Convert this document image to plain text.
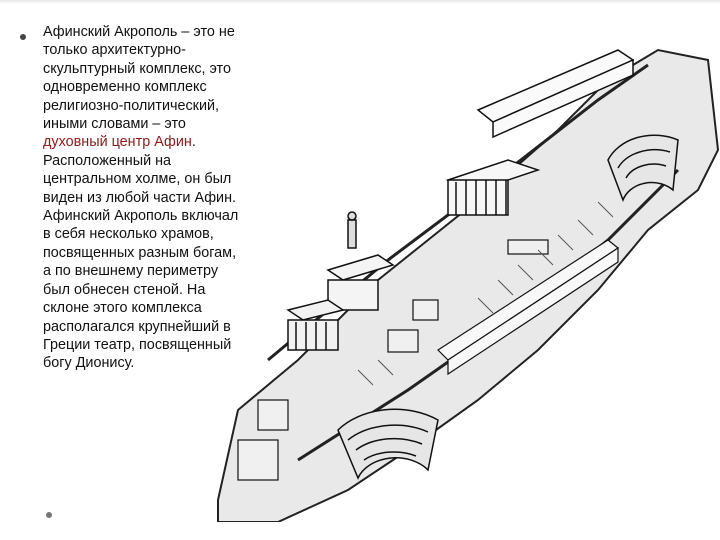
Афинский Акрополь – это не только архитектурно-скульптурный комплекс, это одновременно комплекс религиозно-политический, иными словами – это духовный центр Афин. Расположенный на центральном холме, он был виден из любой части Афин. Афинский Акрополь включал в себя несколько храмов, посвященных разным богам, а по внешнему периметру был обнесен стеной. На склоне этого комплекса располагался крупнейший в Греции театр, посвященный богу Дионису.
